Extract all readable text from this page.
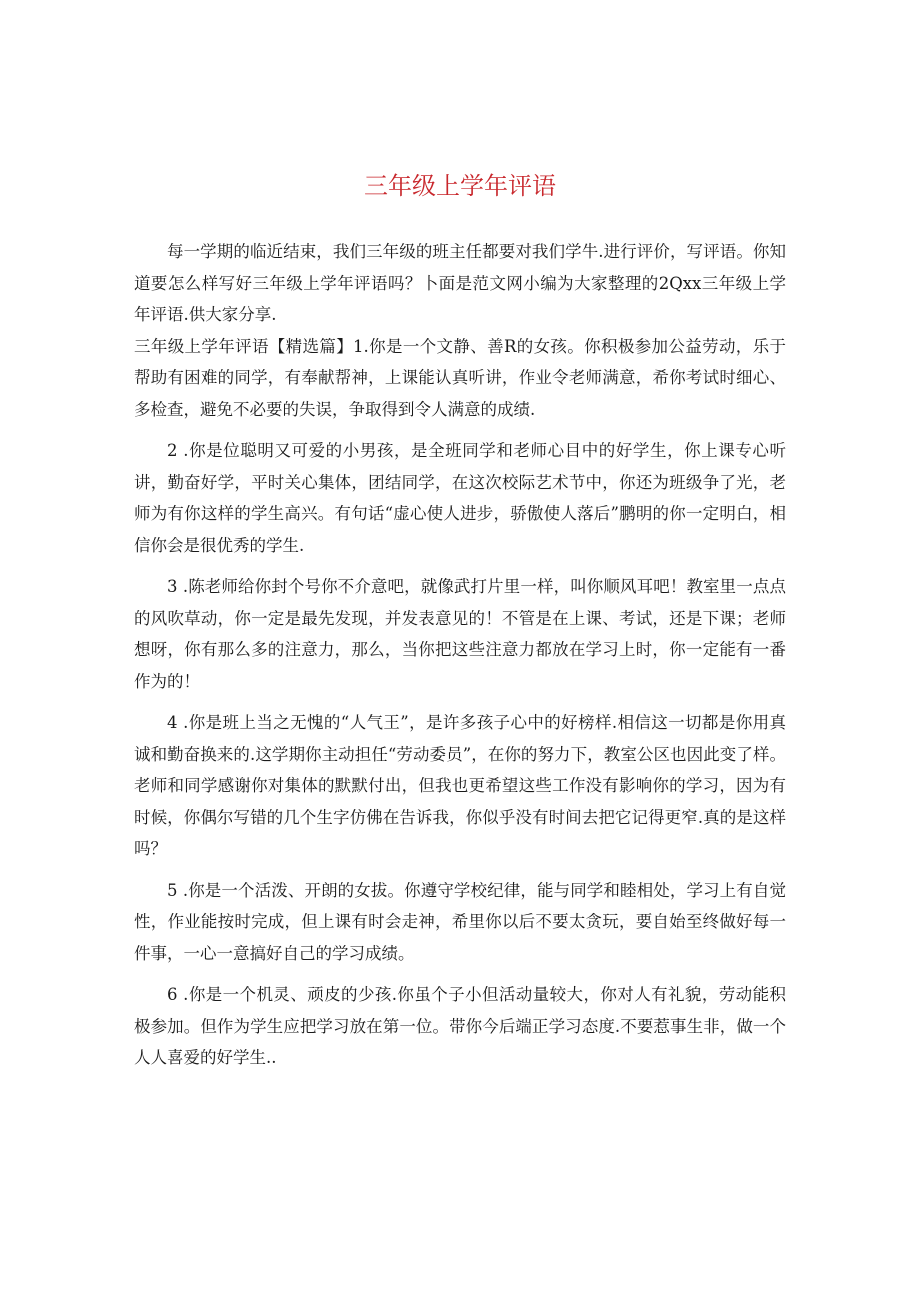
三年级上学年评语

每一学期的临近结束，我们三年级的班主任都要对我们学牛.进行评价，写评语。你知道要怎么样写好三年级上学年评语吗？卜面是范文网小编为大家整理的2Qxx三年级上学年评语.供大家分享.

三年级上学年评语【精选篇】1.你是一个文静、善R的女孩。你积极参加公益劳动，乐于帮助有困难的同学，有奉献帮神，上课能认真听讲，作业令老师满意，希你考试时细心、多检查，避免不必要的失误，争取得到令人满意的成绩.

2 .你是位聪明又可爱的小男孩，是全班同学和老师心目中的好学生，你上课专心听讲，勤奋好学，平时关心集体，团结同学，在这次校际艺术节中，你还为班级争了光，老师为有你这样的学生高兴。有句话“虚心使人进步，骄傲使人落后”鹏明的你一定明白，相信你会是很优秀的学生.

3 .陈老师给你封个号你不介意吧，就像武打片里一样，叫你顺风耳吧！教室里一点点的风吹草动，你一定是最先发现，并发表意见的！不管是在上课、考试，还是下课；老师想呀，你有那么多的注意力，那么，当你把这些注意力都放在学习上时，你一定能有一番作为的！

4 .你是班上当之无愧的“人气王”，是许多孩子心中的好榜样.相信这一切都是你用真诚和勤奋换来的.这学期你主动担任“劳动委员”，在你的努力下，教室公区也因此变了样。老师和同学感谢你对集体的默默付出，但我也更希望这些工作没有影响你的学习，因为有时候，你偶尔写错的几个生字仿佛在告诉我，你似乎没有时间去把它记得更窄.真的是这样吗？

5 .你是一个活泼、开朗的女拔。你遵守学校纪律，能与同学和睦相处，学习上有自觉性，作业能按时完成，但上课有时会走神，希里你以后不要太贪玩，要自始至终做好每一件事，一心一意搞好自己的学习成绩。

6 .你是一个机灵、顽皮的少孩.你虽个子小但活动量较大，你对人有礼貌，劳动能积极参加。但作为学生应把学习放在第一位。带你今后端正学习态度.不要惹事生非，做一个人人喜爱的好学生..
